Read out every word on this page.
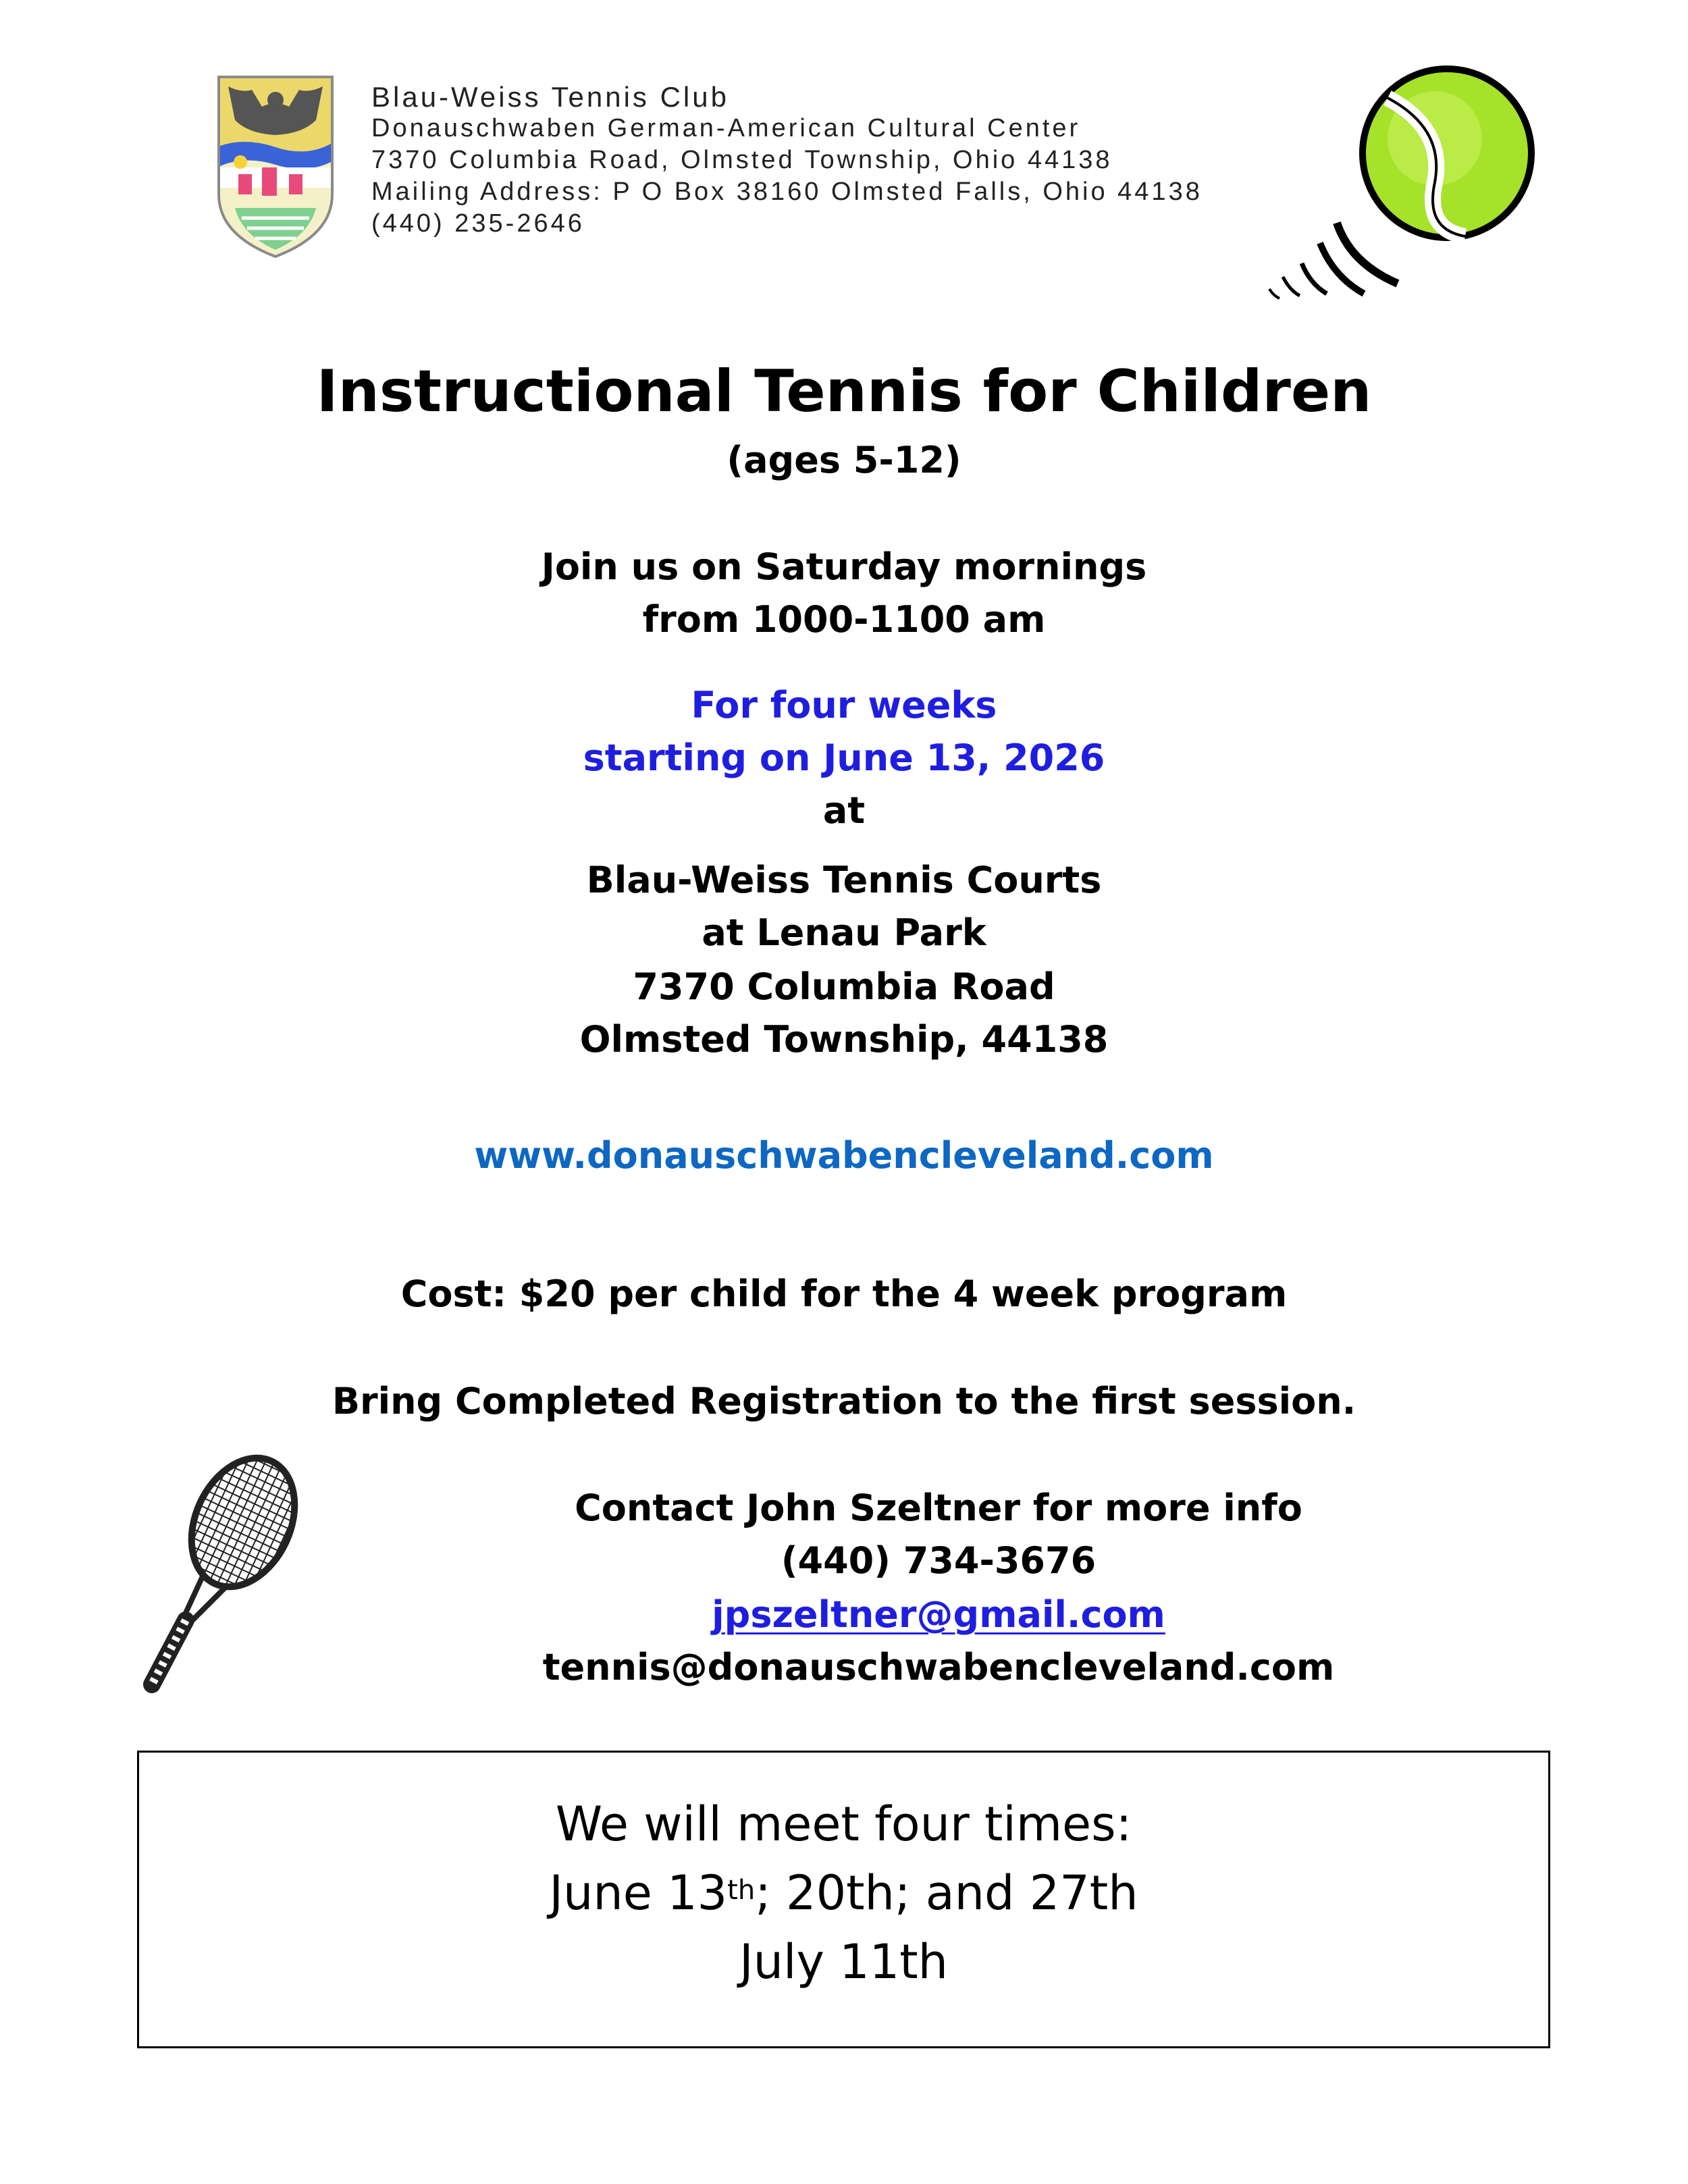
Blau-Weiss Tennis Club
Donauschwaben German-American Cultural Center
7370 Columbia Road, Olmsted Township, Ohio 44138
Mailing Address: P O Box 38160 Olmsted Falls, Ohio 44138
(440) 235-2646
Instructional Tennis for Children
(ages 5-12)
Join us on Saturday mornings
from 1000-1100 am
For four weeks
starting on June 13, 2026
at
Blau-Weiss Tennis Courts
at Lenau Park
7370 Columbia Road
Olmsted Township, 44138
www.donauschwabencleveland.com
Cost: $20 per child for the 4 week program
Bring Completed Registration to the first session.
Contact John Szeltner for more info
(440) 734-3676
jpszeltner@gmail.com
tennis@donauschwabencleveland.com
We will meet four times:
June 13th; 20th; and 27th
July 11th
